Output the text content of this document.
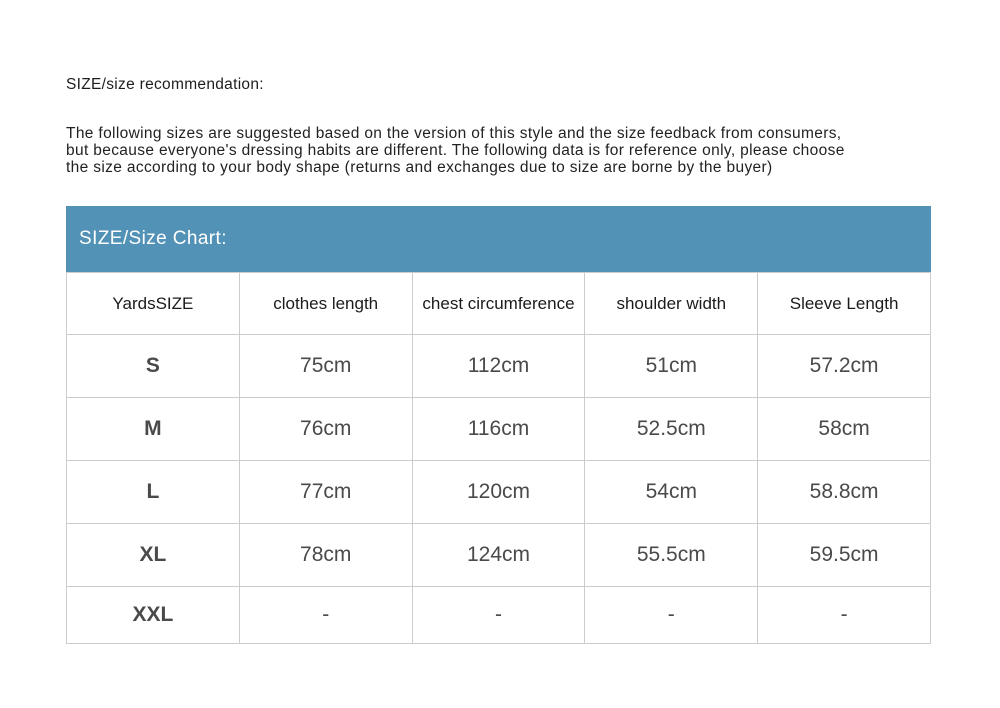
SIZE/size recommendation:
The following sizes are suggested based on the version of this style and the size feedback from consumers,
but because everyone's dressing habits are different. The following data is for reference only, please choose
the size according to your body shape (returns and exchanges due to size are borne by the buyer)
SIZE/Size Chart:
YardsSIZE	clothes length	chest circumference	shoulder width	Sleeve Length
S	75cm	112cm	51cm	57.2cm
M	76cm	116cm	52.5cm	58cm
L	77cm	120cm	54cm	58.8cm
XL	78cm	124cm	55.5cm	59.5cm
XXL	-	-	-	-
